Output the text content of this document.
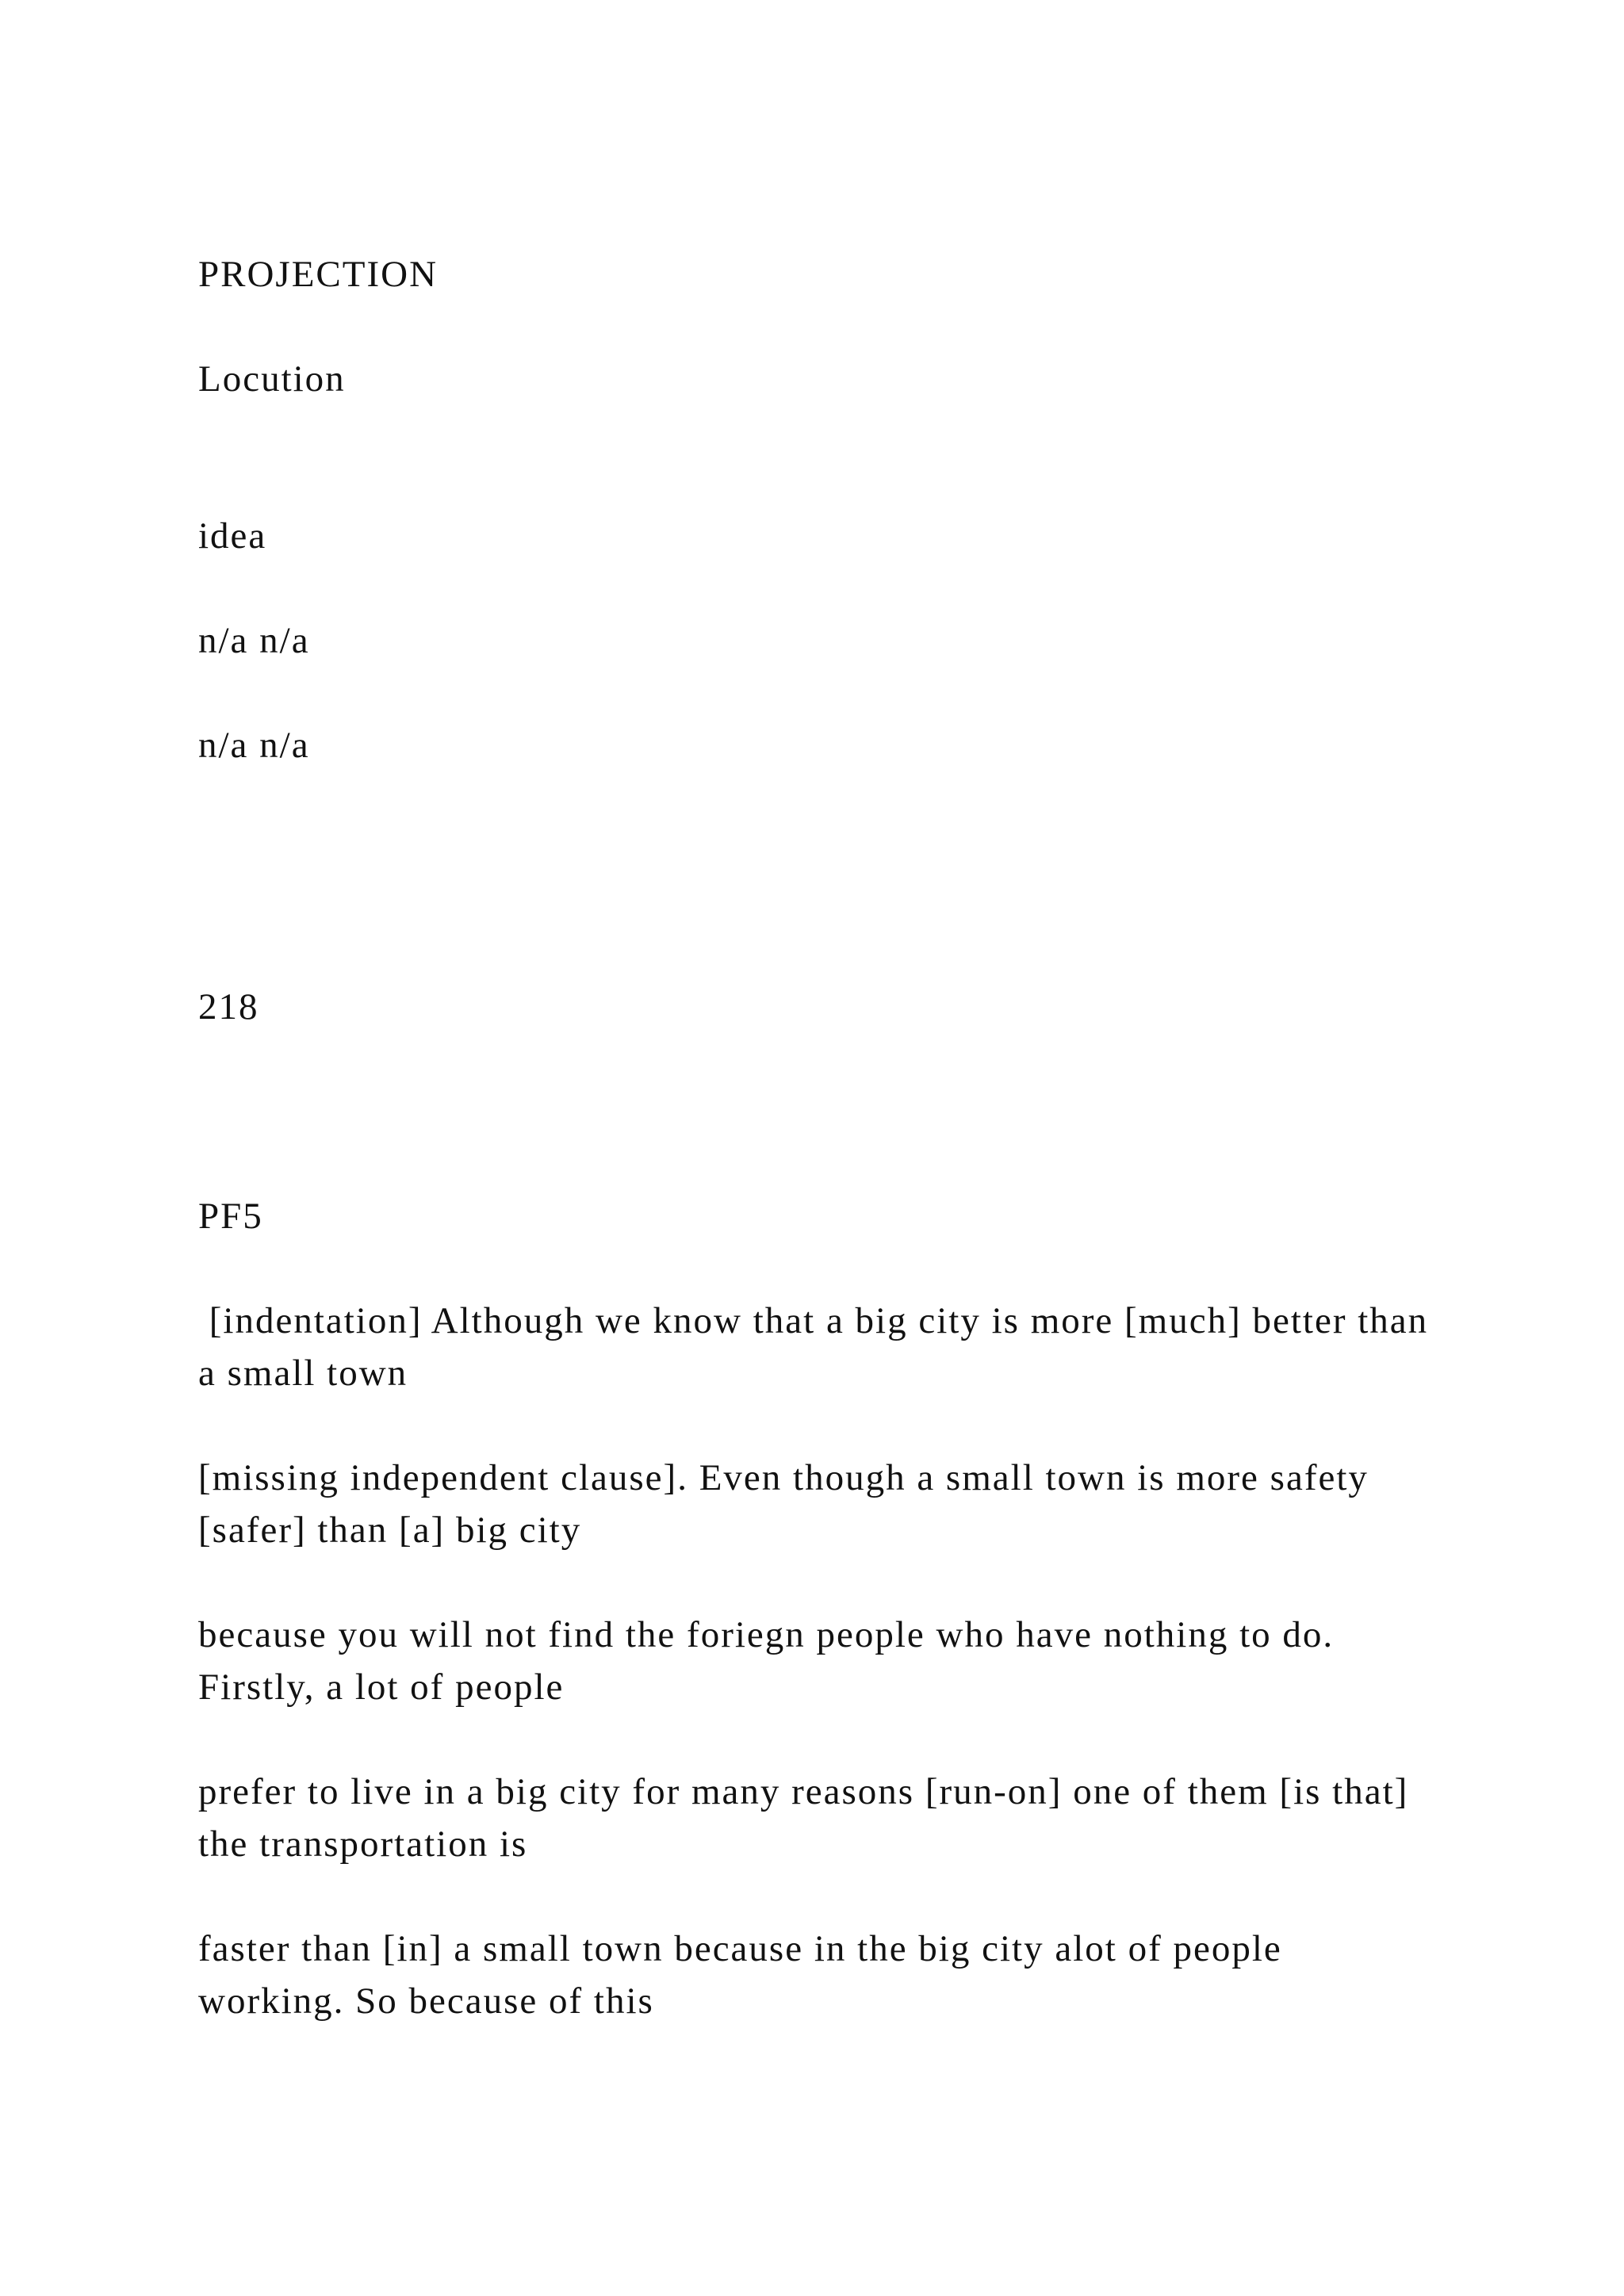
PROJECTION

Locution

idea

n/a n/a

n/a n/a

218

PF5

[indentation] Although we know that a big city is more [much] better than a small town

[missing independent clause]. Even though a small town is more safety [safer] than [a] big city

because you will not find the foriegn people who have nothing to do. Firstly, a lot of people

prefer to live in a big city for many reasons [run-on] one of them [is that] the transportation is

faster than [in] a small town because in the big city alot of people working. So because of this
